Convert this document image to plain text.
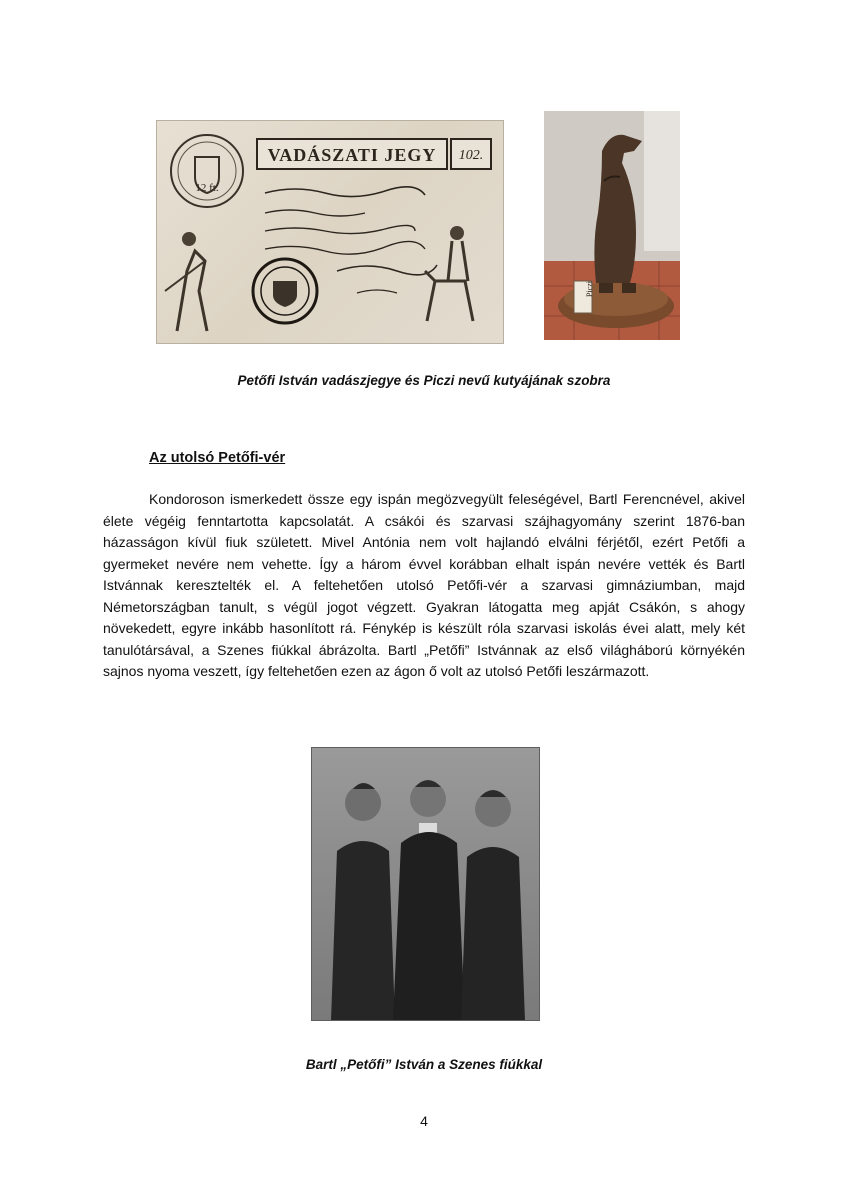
12 ft.
VADÁSZATI JEGY 102.
Piczi
Petőfi István vadászjegye és Piczi nevű kutyájának szobra
Az utolsó Petőfi-vér

Kondoroson ismerkedett össze egy ispán megözvegyült feleségével, Bartl Ferencnével, akivel élete végéig fenntartotta kapcsolatát. A csákói és szarvasi szájhagyomány szerint 1876-ban házasságon kívül fiuk született. Mivel Antónia nem volt hajlandó elválni férjétől, ezért Petőfi a gyermeket nevére nem vehette. Így a három évvel korábban elhalt ispán nevére vették és Bartl Istvánnak keresztelték el. A feltehetően utolsó Petőfi-vér a szarvasi gimnáziumban, majd Németországban tanult, s végül jogot végzett. Gyakran látogatta meg apját Csákón, s ahogy növekedett, egyre inkább hasonlított rá. Fénykép is készült róla szarvasi iskolás évei alatt, mely két tanulótársával, a Szenes fiúkkal ábrázolta. Bartl „Petőfi” Istvánnak az első világháború környékén sajnos nyoma veszett, így feltehetően ezen az ágon ő volt az utolsó Petőfi leszármazott.

Bartl „Petőfi” István a Szenes fiúkkal
4
